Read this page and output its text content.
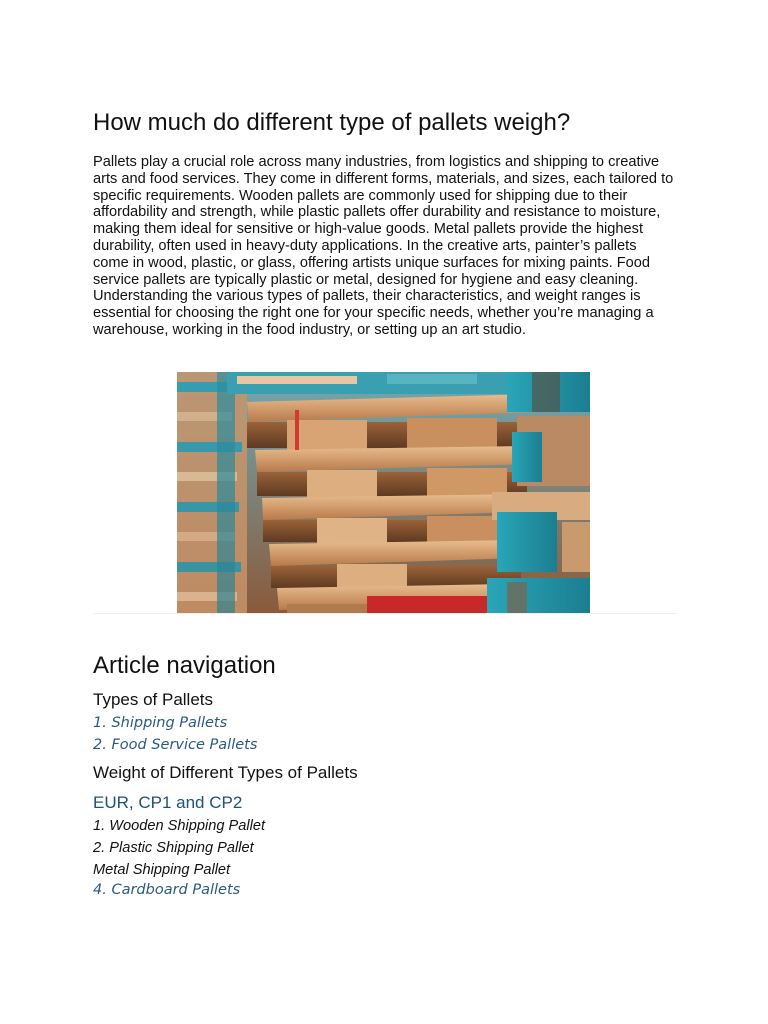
How much do different type of pallets weigh?

Pallets play a crucial role across many industries, from logistics and shipping to creative arts and food services. They come in different forms, materials, and sizes, each tailored to specific requirements. Wooden pallets are commonly used for shipping due to their affordability and strength, while plastic pallets offer durability and resistance to moisture, making them ideal for sensitive or high-value goods. Metal pallets provide the highest durability, often used in heavy-duty applications. In the creative arts, painter’s pallets come in wood, plastic, or glass, offering artists unique surfaces for mixing paints. Food service pallets are typically plastic or metal, designed for hygiene and easy cleaning. Understanding the various types of pallets, their characteristics, and weight ranges is essential for choosing the right one for your specific needs, whether you’re managing a warehouse, working in the food industry, or setting up an art studio.

Article navigation
Types of Pallets
1. Shipping Pallets
2. Food Service Pallets
Weight of Different Types of Pallets
EUR, CP1 and CP2
1. Wooden Shipping Pallet
2. Plastic Shipping Pallet
Metal Shipping Pallet
4. Cardboard Pallets
